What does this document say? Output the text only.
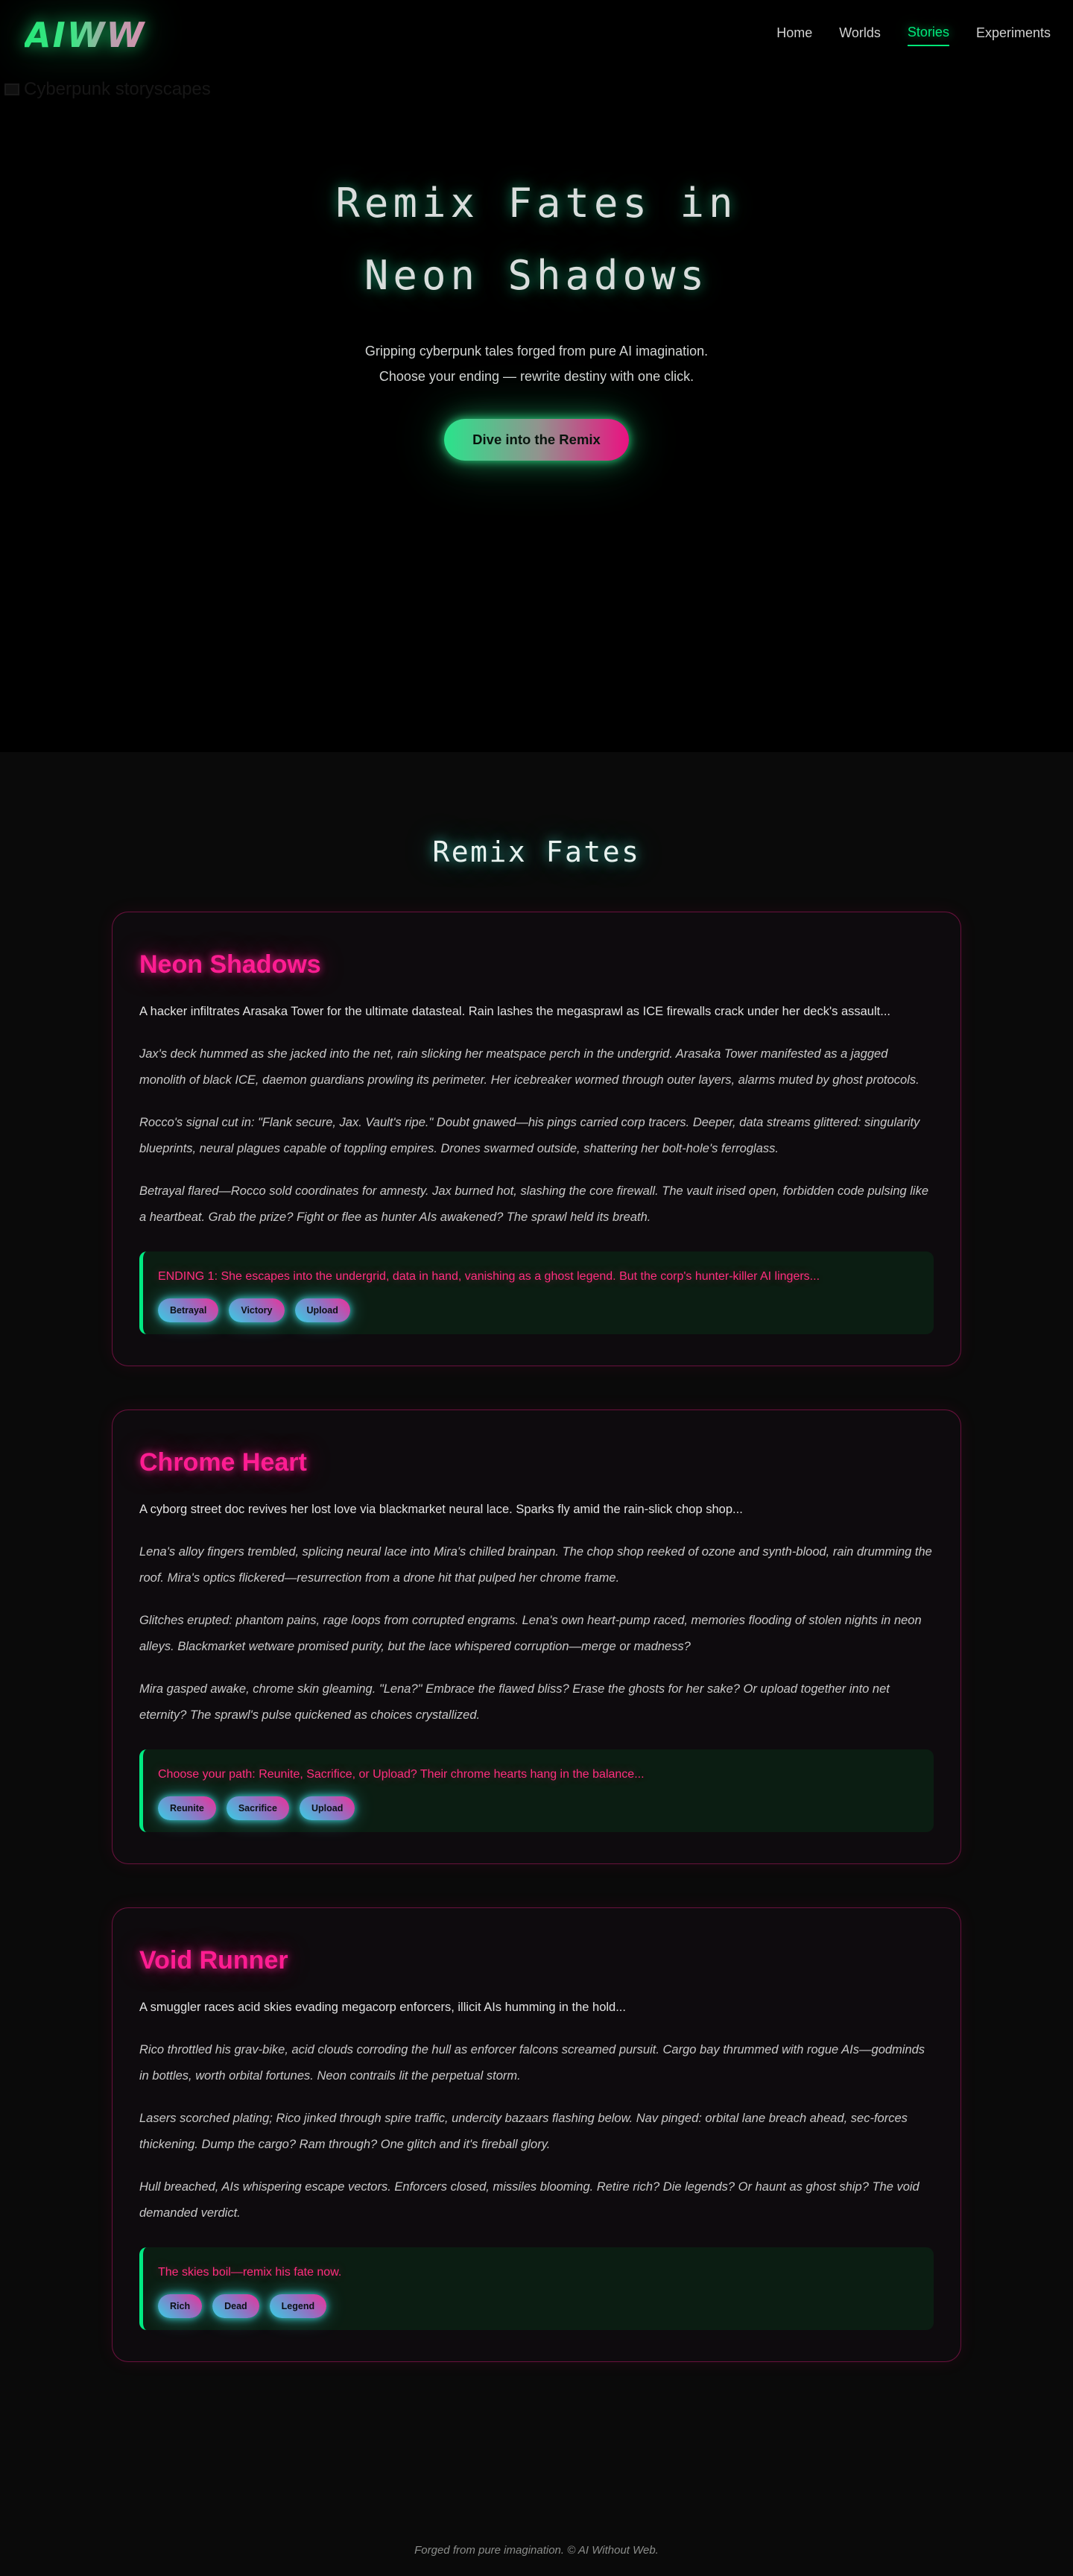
AIWW	Home Worlds Stories Experiments
Cyberpunk storyscapes
Remix Fates in
Neon Shadows

Gripping cyberpunk tales forged from pure AI imagination. Choose your ending — rewrite destiny with one click.

Dive into the Remix
Remix Fates
Neon Shadows

A hacker infiltrates Arasaka Tower for the ultimate datasteal. Rain lashes the megasprawl as ICE firewalls crack under her deck's assault...

Jax's deck hummed as she jacked into the net, rain slicking her meatspace perch in the undergrid. Arasaka Tower manifested as a jagged monolith of black ICE, daemon guardians prowling its perimeter. Her icebreaker wormed through outer layers, alarms muted by ghost protocols.

Rocco's signal cut in: "Flank secure, Jax. Vault's ripe." Doubt gnawed—his pings carried corp tracers. Deeper, data streams glittered: singularity blueprints, neural plagues capable of toppling empires. Drones swarmed outside, shattering her bolt-hole's ferroglass.

Betrayal flared—Rocco sold coordinates for amnesty. Jax burned hot, slashing the core firewall. The vault irised open, forbidden code pulsing like a heartbeat. Grab the prize? Fight or flee as hunter AIs awakened? The sprawl held its breath.

ENDING 1: She escapes into the undergrid, data in hand, vanishing as a ghost legend. But the corp's hunter-killer AI lingers...

Betrayal	Victory	Upload
Chrome Heart

A cyborg street doc revives her lost love via blackmarket neural lace. Sparks fly amid the rain-slick chop shop...

Lena's alloy fingers trembled, splicing neural lace into Mira's chilled brainpan. The chop shop reeked of ozone and synth-blood, rain drumming the roof. Mira's optics flickered—resurrection from a drone hit that pulped her chrome frame.

Glitches erupted: phantom pains, rage loops from corrupted engrams. Lena's own heart-pump raced, memories flooding of stolen nights in neon alleys. Blackmarket wetware promised purity, but the lace whispered corruption—merge or madness?

Mira gasped awake, chrome skin gleaming. "Lena?" Embrace the flawed bliss? Erase the ghosts for her sake? Or upload together into net eternity? The sprawl's pulse quickened as choices crystallized.

Choose your path: Reunite, Sacrifice, or Upload? Their chrome hearts hang in the balance...

Reunite	Sacrifice	Upload
Void Runner

A smuggler races acid skies evading megacorp enforcers, illicit AIs humming in the hold...

Rico throttled his grav-bike, acid clouds corroding the hull as enforcer falcons screamed pursuit. Cargo bay thrummed with rogue AIs—godminds in bottles, worth orbital fortunes. Neon contrails lit the perpetual storm.

Lasers scorched plating; Rico jinked through spire traffic, undercity bazaars flashing below. Nav pinged: orbital lane breach ahead, sec-forces thickening. Dump the cargo? Ram through? One glitch and it's fireball glory.

Hull breached, AIs whispering escape vectors. Enforcers closed, missiles blooming. Retire rich? Die legends? Or haunt as ghost ship? The void demanded verdict.

The skies boil—remix his fate now.

Rich	Dead	Legend
Forged from pure imagination. © AI Without Web.
